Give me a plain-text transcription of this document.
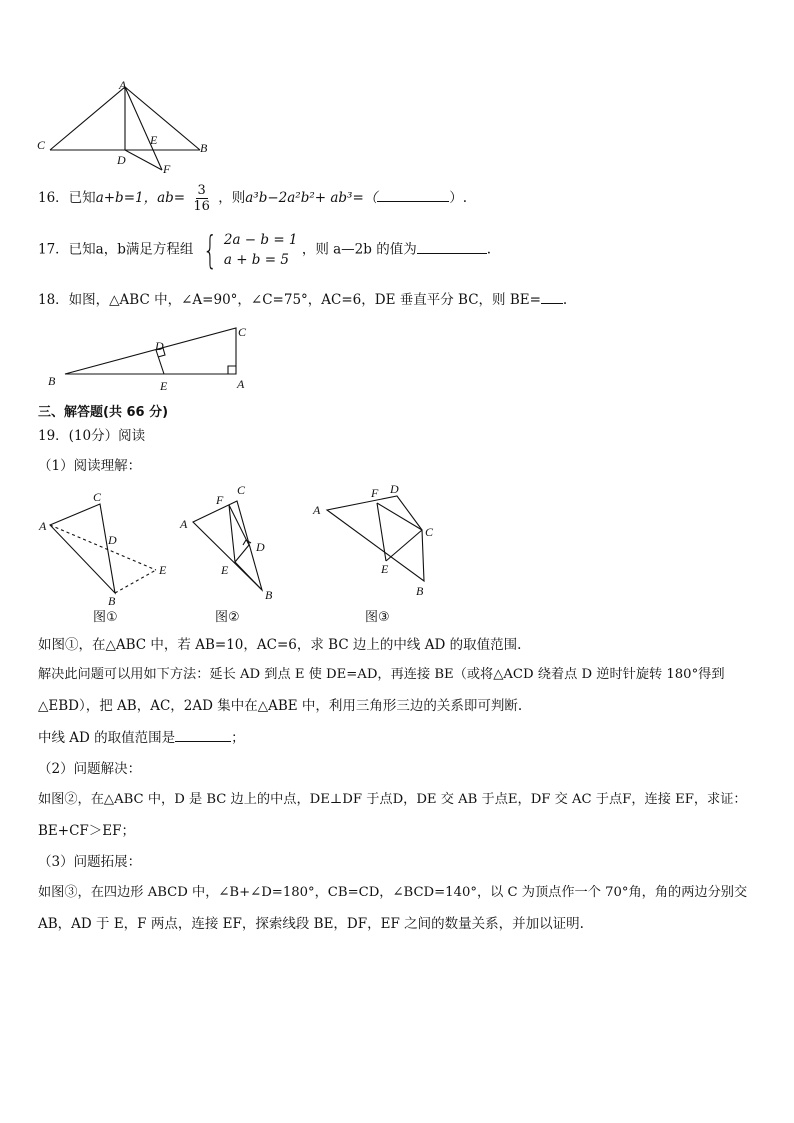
A
C	B
D
E
F
16．已知a+b=1，$ab= \frac{3}{16}$ ，则a³b−2a²b²+ ab³=（	）.
17．已知a，b满足方程组 { 2a − b = 1
a + b = 5
，则 a—2b 的值为	.
18．如图，△ABC 中，∠A=90°，∠C=75°，AC=6，DE 垂直平分 BC，则 BE= .
B
C
D
E	A
三、解答题(共 66 分)
19．(10分）阅读
（1）阅读理解：
A
C
D
E
B
图①
A
F
C
D
E
B
图②
A
F D
C
E
B
图③
如图①，在△ABC 中，若 AB=10，AC=6，求 BC 边上的中线 AD 的取值范围.
解决此问题可以用如下方法：延长 AD 到点 E 使 DE=AD，再连接 BE（或将△ACD 绕着点 D 逆时针旋转 180°得到
△EBD），把 AB，AC，2AD 集中在△ABE 中，利用三角形三边的关系即可判断.
中线 AD 的取值范围是	；
（2）问题解决：
如图②，在△ABC 中，D 是 BC 边上的中点，DE⊥DF 于点D，DE 交 AB 于点E，DF 交 AC 于点F，连接 EF，求证：
BE+CF＞EF；
（3）问题拓展：
如图③，在四边形 ABCD 中，∠B+∠D=180°，CB=CD，∠BCD=140°，以 C 为顶点作一个 70°角，角的两边分别交
AB，AD 于 E，F 两点，连接 EF，探索线段 BE，DF，EF 之间的数量关系，并加以证明.
